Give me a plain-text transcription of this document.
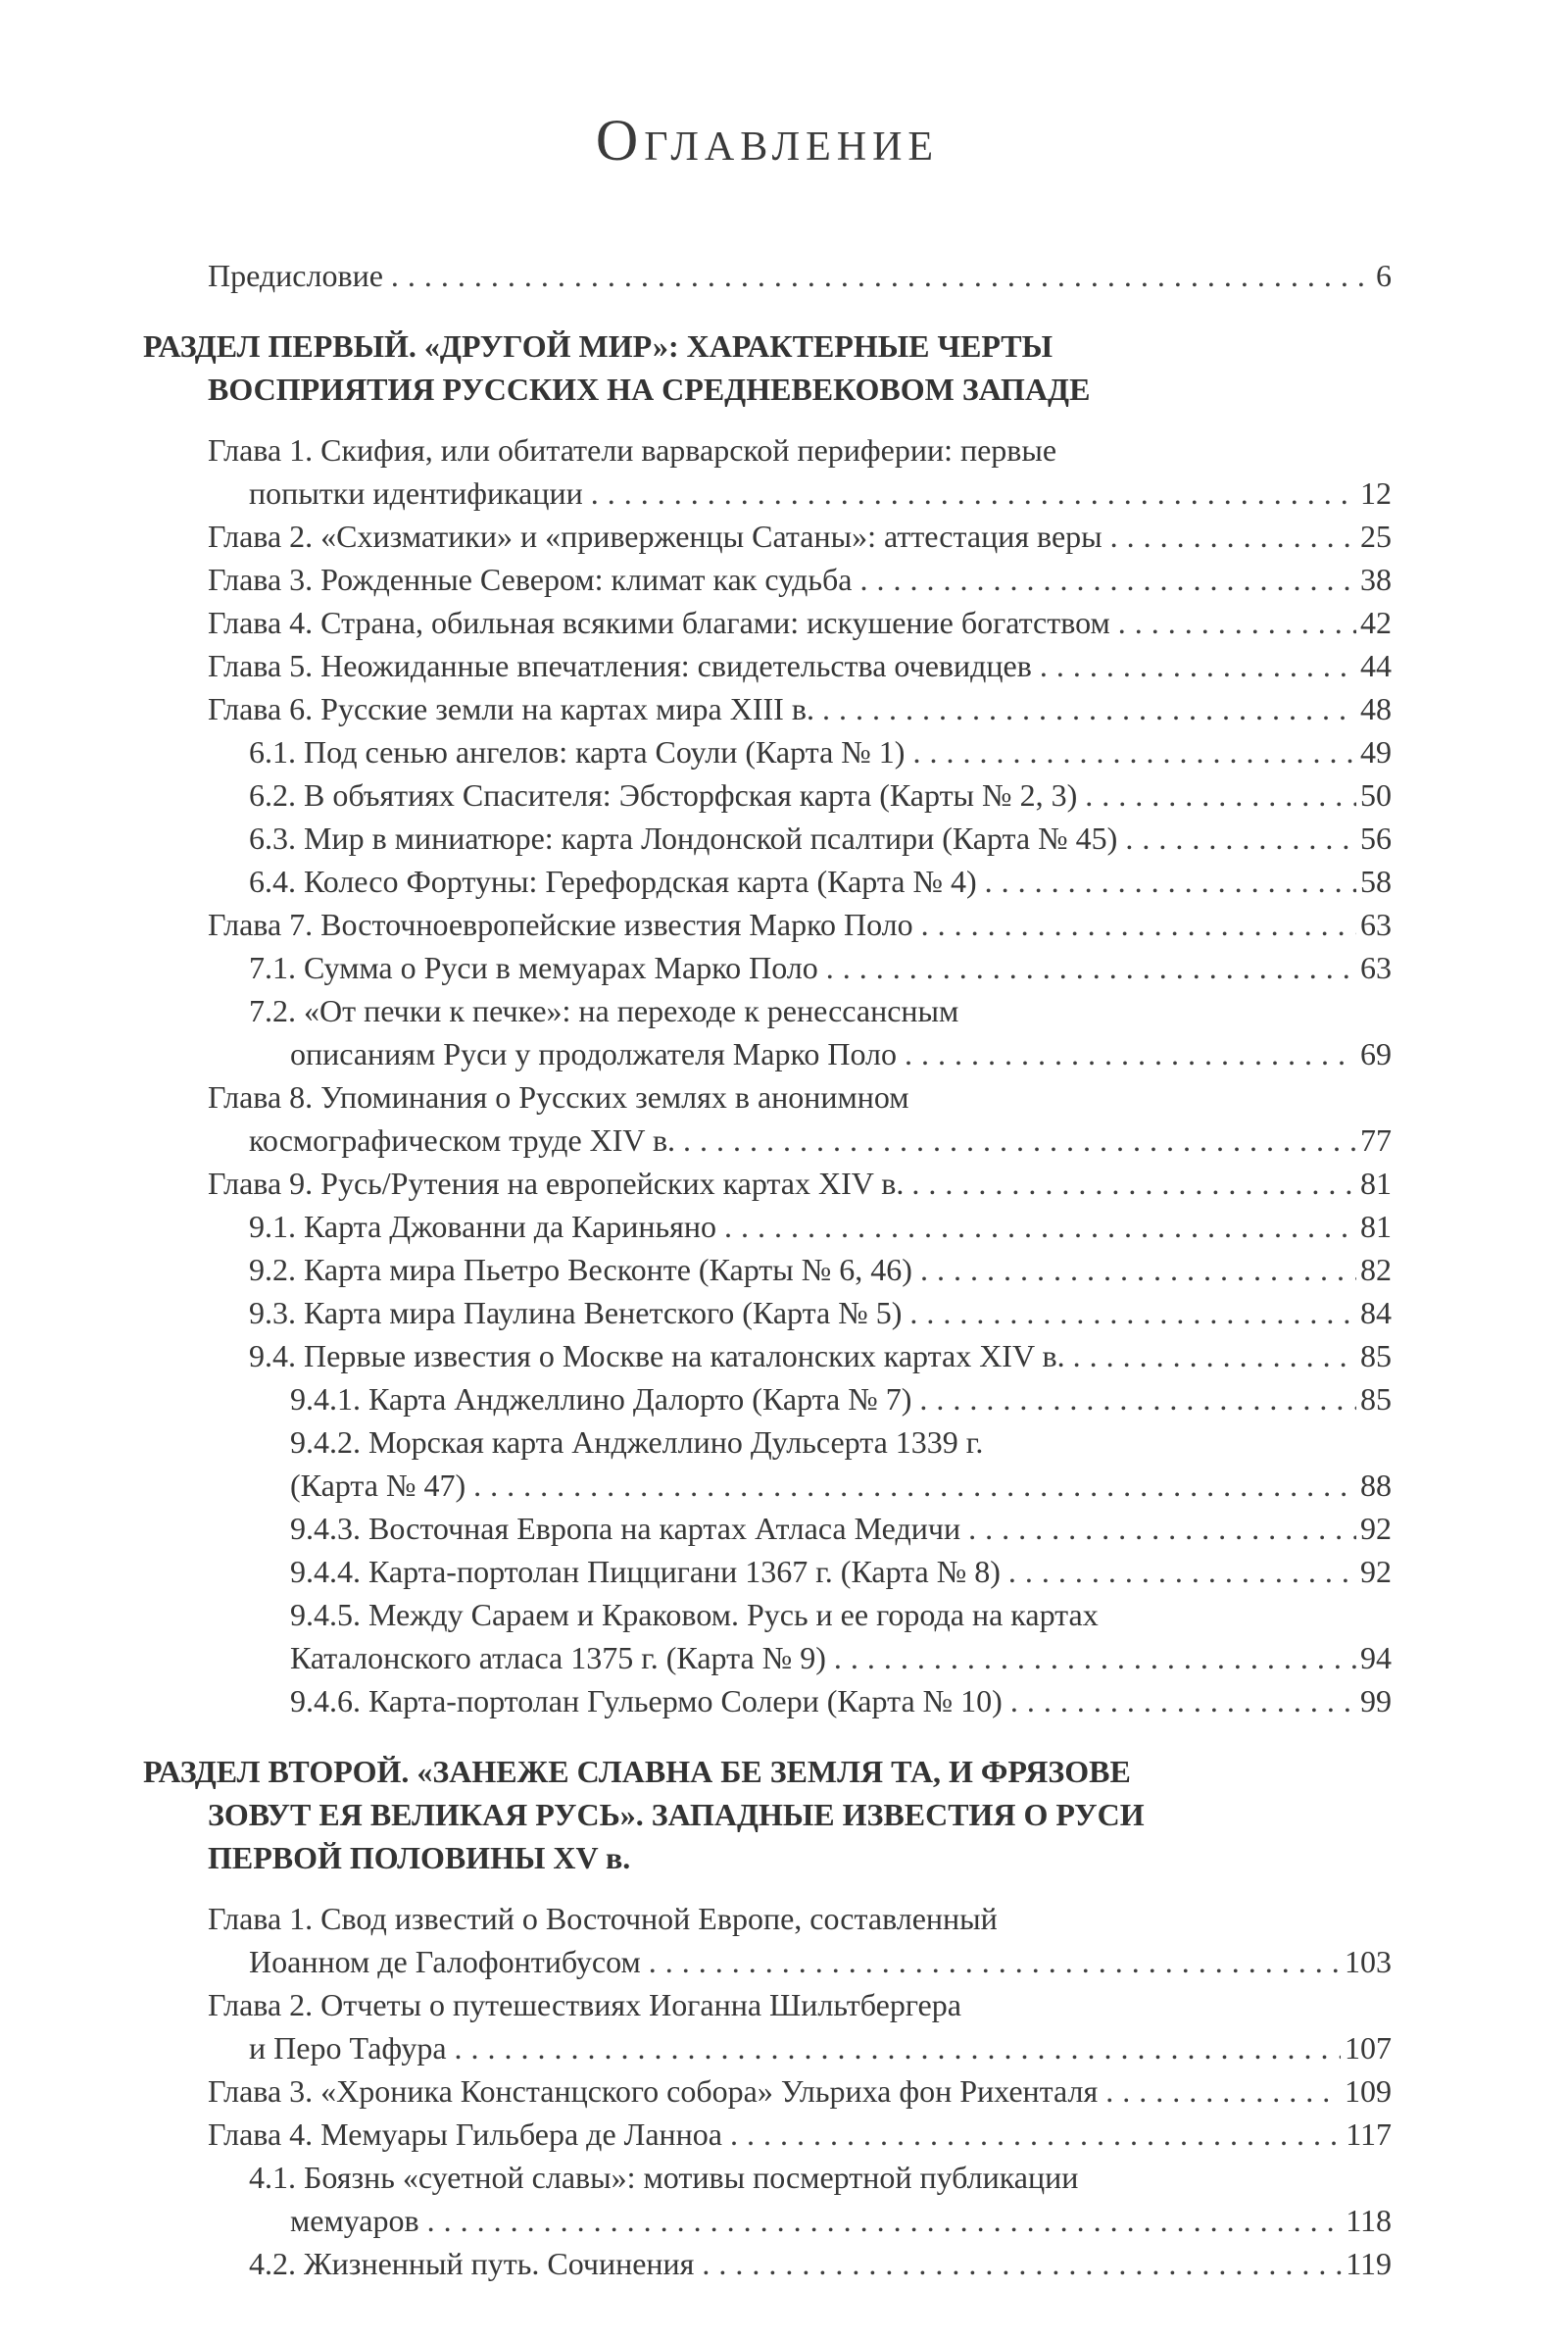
Оглавление
Предисловие .....	6
РАЗДЕЛ ПЕРВЫЙ. «ДРУГОЙ МИР»: ХАРАКТЕРНЫЕ ЧЕРТЫ
ВОСПРИЯТИЯ РУССКИХ НА СРЕДНЕВЕКОВОМ ЗАПАДЕ
Глава 1. Скифия, или обитатели варварской периферии: первые
попытки идентификации .....	12
Глава 2. «Схизматики» и «приверженцы Сатаны»: аттестация веры .....	25
Глава 3. Рожденные Севером: климат как судьба .....	38
Глава 4. Страна, обильная всякими благами: искушение богатством .....	42
Глава 5. Неожиданные впечатления: свидетельства очевидцев .....	44
Глава 6. Русские земли на картах мира XIII в. .....	48
6.1. Под сенью ангелов: карта Соули (Карта № 1) .....	49
6.2. В объятиях Спасителя: Эбсторфская карта (Карты № 2, 3) .....	50
6.3. Мир в миниатюре: карта Лондонской псалтири (Карта № 45) .....	56
6.4. Колесо Фортуны: Герефордская карта (Карта № 4) .....	58
Глава 7. Восточноевропейские известия Марко Поло .....	63
7.1. Сумма о Руси в мемуарах Марко Поло .....	63
7.2. «От печки к печке»: на переходе к ренессансным
описаниям Руси у продолжателя Марко Поло .....	69
Глава 8. Упоминания о Русских землях в анонимном
космографическом труде XIV в. .....	77
Глава 9. Русь/Рутения на европейских картах XIV в. .....	81
9.1. Карта Джованни да Кариньяно .....	81
9.2. Карта мира Пьетро Весконте (Карты № 6, 46) .....	82
9.3. Карта мира Паулина Венетского (Карта № 5) .....	84
9.4. Первые известия о Москве на каталонских картах XIV в. .....	85
9.4.1. Карта Анджеллино Далорто (Карта № 7) .....	85
9.4.2. Морская карта Анджеллино Дульсерта 1339 г.
(Карта № 47) .....	88
9.4.3. Восточная Европа на картах Атласа Медичи .....	92
9.4.4. Карта-портолан Пиццигани 1367 г. (Карта № 8) .....	92
9.4.5. Между Сараем и Краковом. Русь и ее города на картах
Каталонского атласа 1375 г. (Карта № 9) .....	94
9.4.6. Карта-портолан Гульермо Солери (Карта № 10) .....	99
РАЗДЕЛ ВТОРОЙ. «ЗАНЕЖЕ СЛАВНА БЕ ЗЕМЛЯ ТА, И ФРЯЗОВЕ
ЗОВУТ ЕЯ ВЕЛИКАЯ РУСЬ». ЗАПАДНЫЕ ИЗВЕСТИЯ О РУСИ
ПЕРВОЙ ПОЛОВИНЫ XV в.
Глава 1. Свод известий о Восточной Европе, составленный
Иоанном де Галофонтибусом .....	103
Глава 2. Отчеты о путешествиях Иоганна Шильтбергера
и Перо Тафура .....	107
Глава 3. «Хроника Констанцского собора» Ульриха фон Рихенталя .....	109
Глава 4. Мемуары Гильбера де Ланноа .....	117
4.1. Боязнь «суетной славы»: мотивы посмертной публикации
мемуаров .....	118
4.2. Жизненный путь. Сочинения .....	119
